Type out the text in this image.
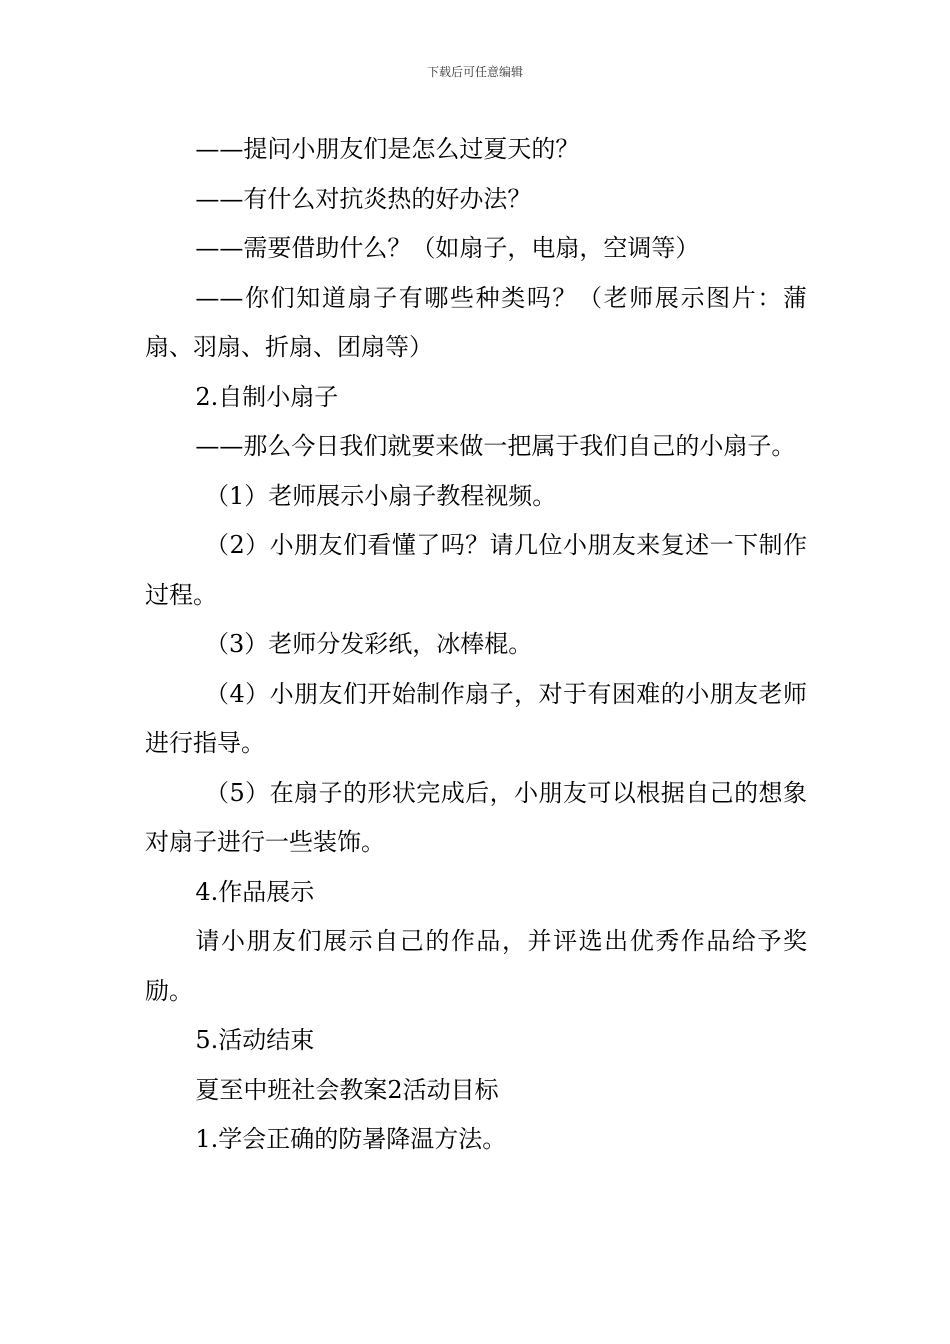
下载后可任意编辑

——提问小朋友们是怎么过夏天的？

——有什么对抗炎热的好办法？

——需要借助什么？（如扇子，电扇，空调等）

——你们知道扇子有哪些种类吗？（老师展示图片：蒲扇、羽扇、折扇、团扇等）

2.自制小扇子

——那么今日我们就要来做一把属于我们自己的小扇子。

（1）老师展示小扇子教程视频。

（2）小朋友们看懂了吗？请几位小朋友来复述一下制作过程。

（3）老师分发彩纸，冰棒棍。

（4）小朋友们开始制作扇子，对于有困难的小朋友老师进行指导。

（5）在扇子的形状完成后，小朋友可以根据自己的想象对扇子进行一些装饰。

4.作品展示

请小朋友们展示自己的作品，并评选出优秀作品给予奖励。

5.活动结束

夏至中班社会教案2活动目标

1.学会正确的防暑降温方法。
